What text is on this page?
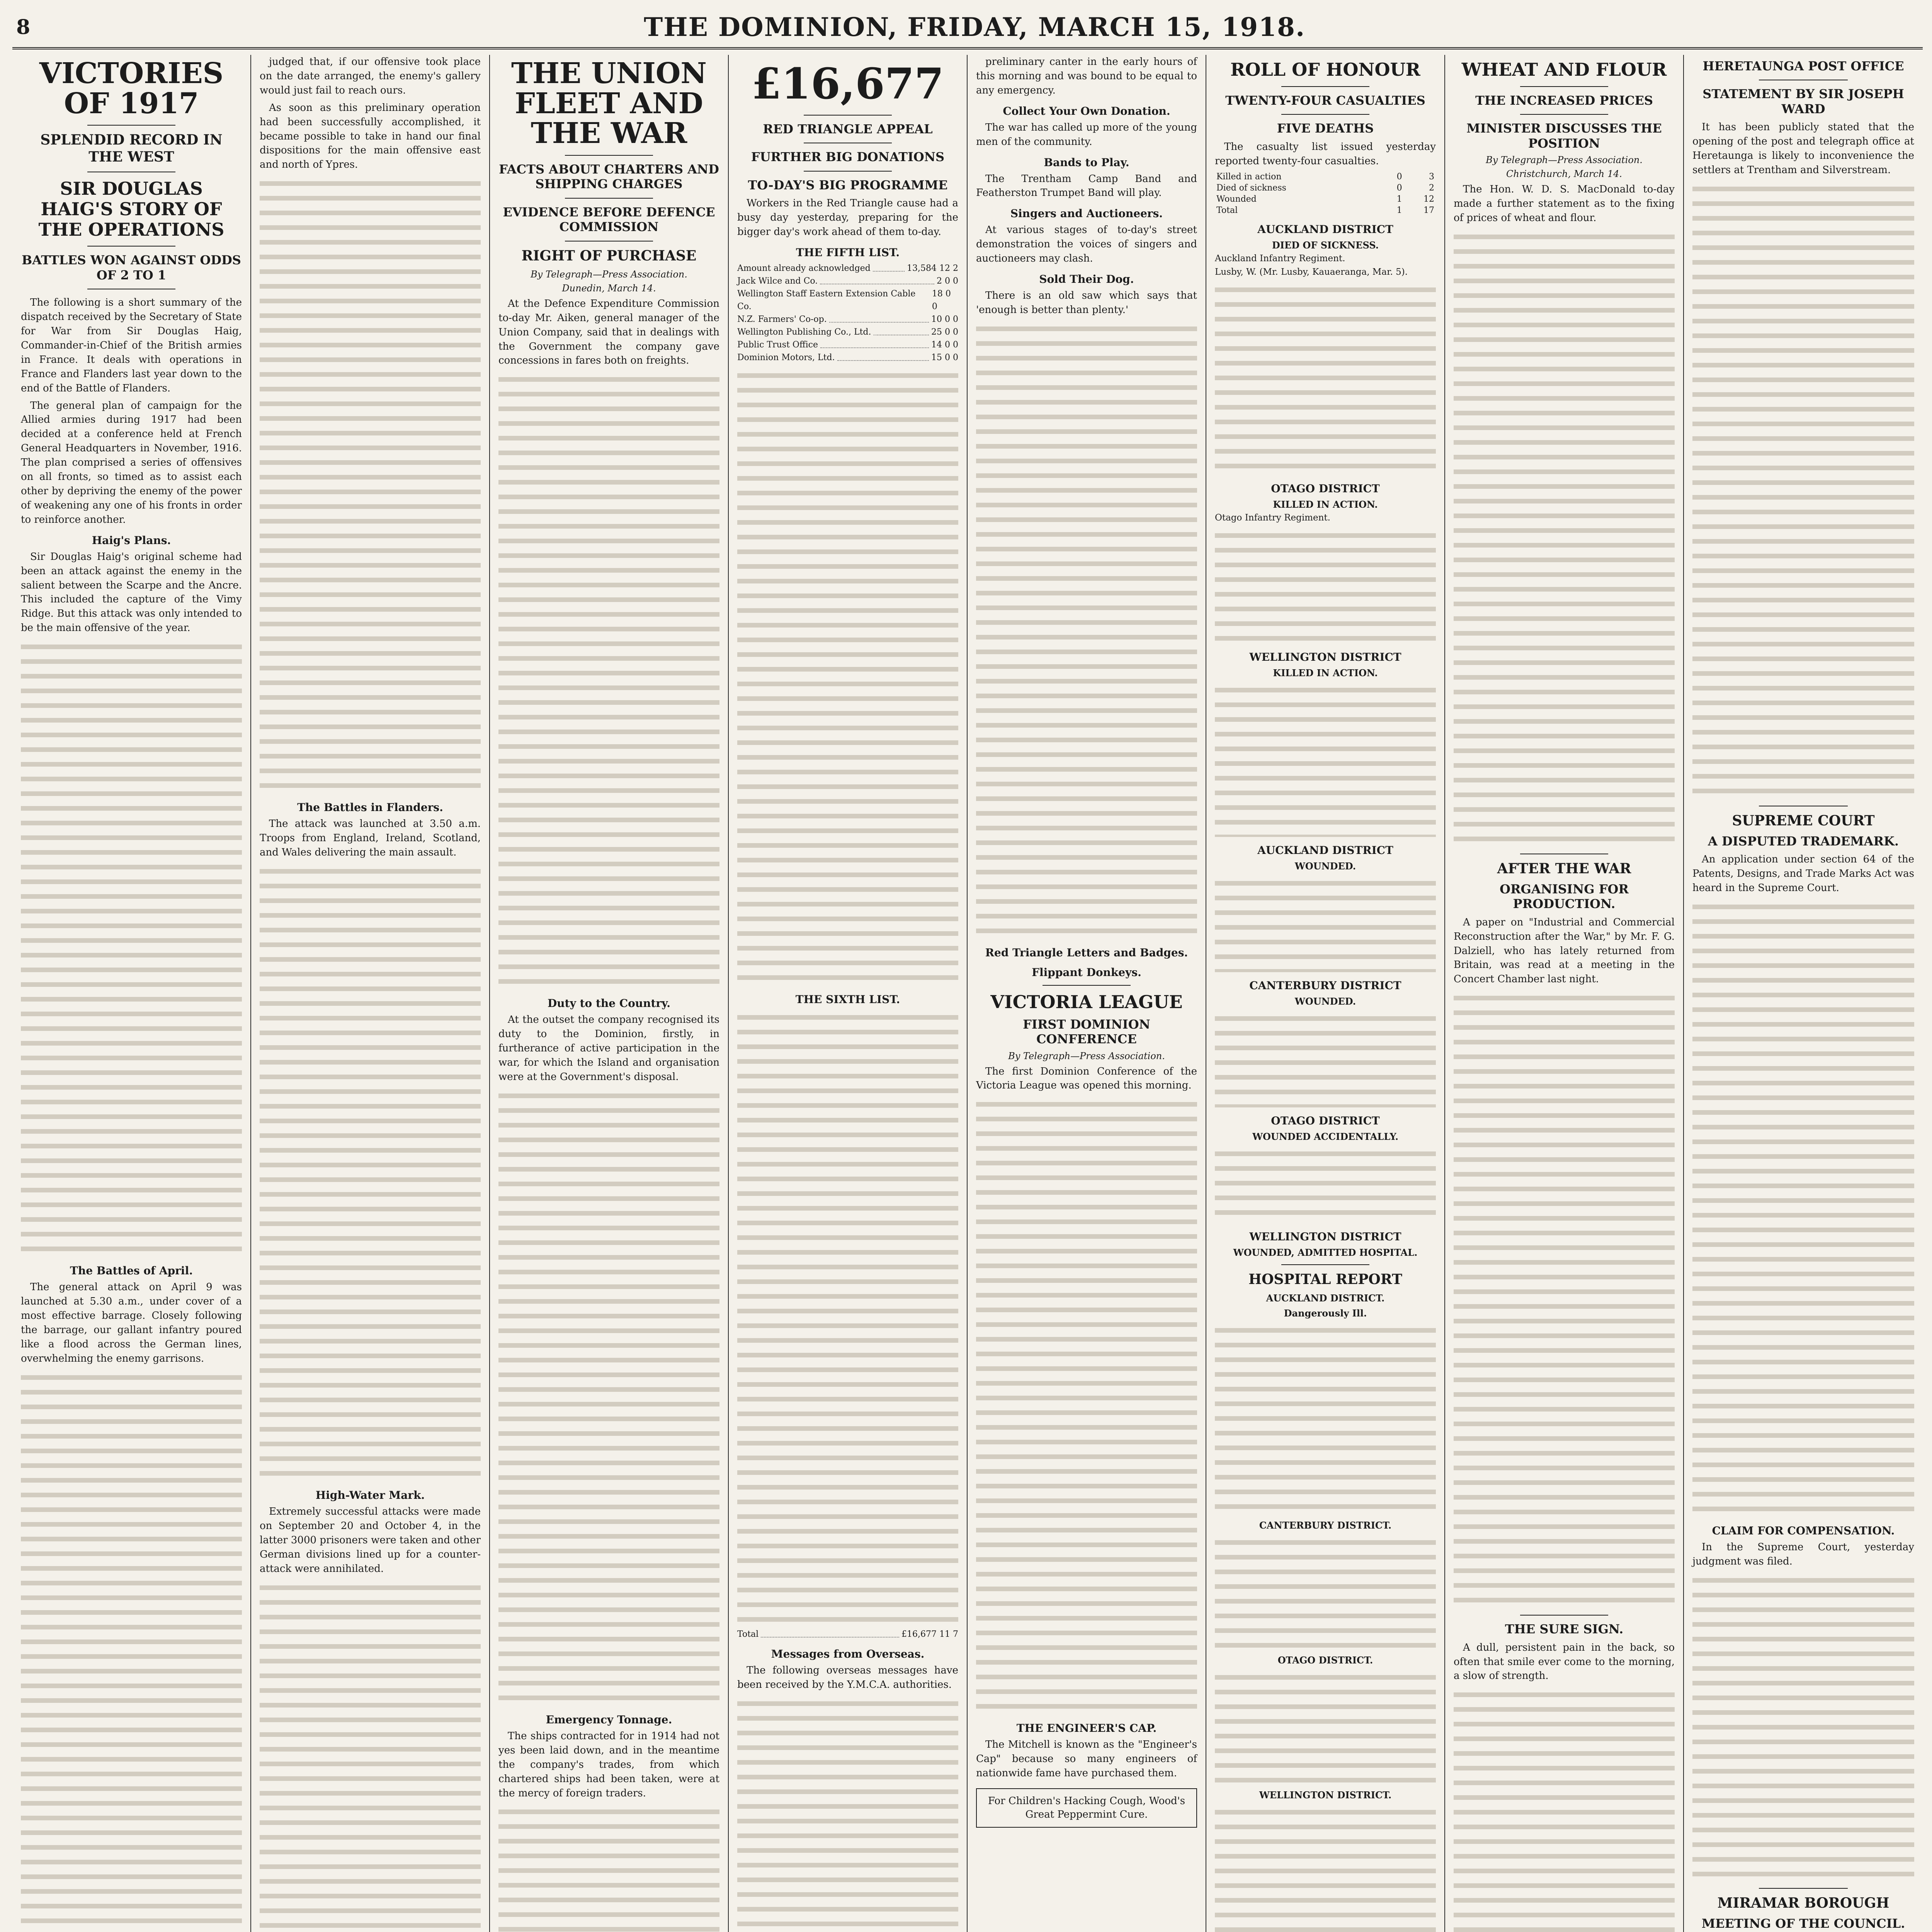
8	THE DOMINION, FRIDAY, MARCH 15, 1918.
VICTORIES OF 1917
SPLENDID RECORD IN THE WEST
SIR DOUGLAS HAIG'S STORY OF THE OPERATIONS
BATTLES WON AGAINST ODDS OF 2 TO 1

The following is a short summary of the dispatch received by the Secretary of State for War from Sir Douglas Haig, Commander-in-Chief of the British armies in France. It deals with operations in France and Flanders last year down to the end of the Battle of Flanders.

The general plan of campaign for the Allied armies during 1917 had been decided at a conference held at French General Headquarters in November, 1916. The plan comprised a series of offensives on all fronts, so timed as to assist each other by depriving the enemy of the power of weakening any one of his fronts in order to reinforce another.

Haig's Plans.

Sir Douglas Haig's original scheme had been an attack against the enemy in the salient between the Scarpe and the Ancre. This included the capture of the Vimy Ridge. But this attack was only intended to be the main offensive of the year.

The Battles of April.

The general attack on April 9 was launched at 5.30 a.m., under cover of a most effective barrage. Closely following the barrage, our gallant infantry poured like a flood across the German lines, overwhelming the enemy garrisons.

judged that, if our offensive took place on the date arranged, the enemy's gallery would just fail to reach ours.

As soon as this preliminary operation had been successfully accomplished, it became possible to take in hand our final dispositions for the main offensive east and north of Ypres.

The Battles in Flanders.

The attack was launched at 3.50 a.m. Troops from England, Ireland, Scotland, and Wales delivering the main assault.

High-Water Mark.

Extremely successful attacks were made on September 20 and October 4, in the latter 3000 prisoners were taken and other German divisions lined up for a counter-attack were annihilated.

THE UNION FLEET AND THE WAR
FACTS ABOUT CHARTERS AND SHIPPING CHARGES
EVIDENCE BEFORE DEFENCE COMMISSION
RIGHT OF PURCHASE
By Telegraph—Press Association.
Dunedin, March 14.

At the Defence Expenditure Commission to-day Mr. Aiken, general manager of the Union Company, said that in dealings with the Government the company gave concessions in fares both on freights.

Duty to the Country.

At the outset the company recognised its duty to the Dominion, firstly, in furtherance of active participation in the war, for which the Island and organisation were at the Government's disposal.

Emergency Tonnage.

The ships contracted for in 1914 had not yes been laid down, and in the meantime the company's trades, from which chartered ships had been taken, were at the mercy of foreign traders.

£16,677
RED TRIANGLE APPEAL
FURTHER BIG DONATIONS
TO-DAY'S BIG PROGRAMME

Workers in the Red Triangle cause had a busy day yesterday, preparing for the bigger day's work ahead of them to-day.

THE FIFTH LIST.
Amount already acknowledged	13,584 12 2
Jack Wilce and Co.	2 0 0
Wellington Staff Eastern Extension Cable Co.
18 0 0
N.Z. Farmers' Co-op.	10 0 0
Wellington Publishing Co., Ltd.	25 0 0
Public Trust Office	14 0 0
Dominion Motors, Ltd.	15 0 0
THE SIXTH LIST.
Total	£16,677 11 7
Messages from Overseas.

The following overseas messages have been received by the Y.M.C.A. authorities.

preliminary canter in the early hours of this morning and was bound to be equal to any emergency.

Collect Your Own Donation.

The war has called up more of the young men of the community.

Bands to Play.

The Trentham Camp Band and Featherston Trumpet Band will play.

Singers and Auctioneers.

At various stages of to-day's street demonstration the voices of singers and auctioneers may clash.

Sold Their Dog.

There is an old saw which says that 'enough is better than plenty.'

Red Triangle Letters and Badges.
Flippant Donkeys.
VICTORIA LEAGUE
FIRST DOMINION CONFERENCE
By Telegraph—Press Association.

The first Dominion Conference of the Victoria League was opened this morning.

THE ENGINEER'S CAP.

The Mitchell is known as the "Engineer's Cap" because so many engineers of nationwide fame have purchased them.

For Children's Hacking Cough, Wood's Great Peppermint Cure.
ROLL OF HONOUR
TWENTY-FOUR CASUALTIES
FIVE DEATHS

The casualty list issued yesterday reported twenty-four casualties.

Killed in action	0	3
Died of sickness	0	2
Wounded	1	12
Total	1	17
AUCKLAND DISTRICT
DIED OF SICKNESS.
Auckland Infantry Regiment.
Lusby, W. (Mr. Lusby, Kauaeranga, Mar. 5).
OTAGO DISTRICT
KILLED IN ACTION.
Otago Infantry Regiment.
WELLINGTON DISTRICT
KILLED IN ACTION.
AUCKLAND DISTRICT
WOUNDED.
CANTERBURY DISTRICT
WOUNDED.
OTAGO DISTRICT
WOUNDED ACCIDENTALLY.
WELLINGTON DISTRICT
WOUNDED, ADMITTED HOSPITAL.
HOSPITAL REPORT
AUCKLAND DISTRICT.
Dangerously Ill.
CANTERBURY DISTRICT.
OTAGO DISTRICT.
WELLINGTON DISTRICT.
WHEAT AND FLOUR
THE INCREASED PRICES
MINISTER DISCUSSES THE POSITION
By Telegraph—Press Association.
Christchurch, March 14.

The Hon. W. D. S. MacDonald to-day made a further statement as to the fixing of prices of wheat and flour.

AFTER THE WAR
ORGANISING FOR PRODUCTION.

A paper on "Industrial and Commercial Reconstruction after the War," by Mr. F. G. Dalziell, who has lately returned from Britain, was read at a meeting in the Concert Chamber last night.

THE SURE SIGN.

A dull, persistent pain in the back, so often that smile ever come to the morning, a slow of strength.

HERETAUNGA POST OFFICE
STATEMENT BY SIR JOSEPH WARD

It has been publicly stated that the opening of the post and telegraph office at Heretaunga is likely to inconvenience the settlers at Trentham and Silverstream.

SUPREME COURT
A DISPUTED TRADEMARK.

An application under section 64 of the Patents, Designs, and Trade Marks Act was heard in the Supreme Court.

CLAIM FOR COMPENSATION.

In the Supreme Court, yesterday judgment was filed.

MIRAMAR BOROUGH
MEETING OF THE COUNCIL.
